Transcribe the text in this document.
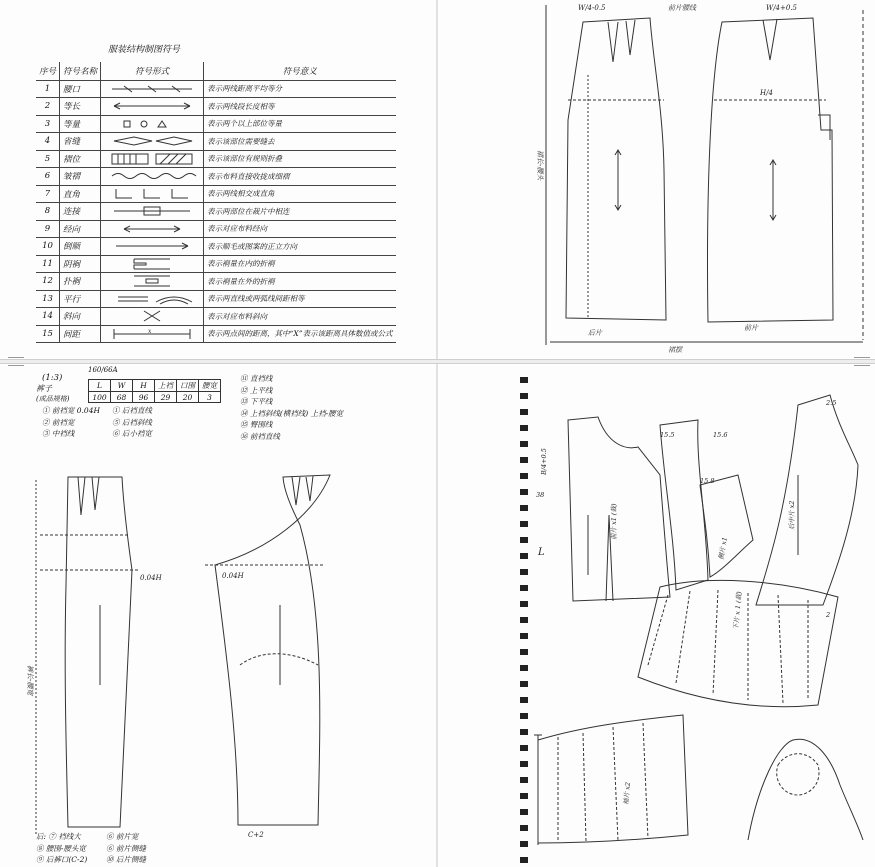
服装结构制图符号
序号	符号名称	符号形式	符号意义
1	腰口		表示两线距离平均等分
2	等长		表示两线段长度相等
3	等量		表示两个以上部位等量
4	省缝		表示该部位需要缝去
5	褶位		表示该部位有规则折叠
6	皱褶		表示布料直接收拢成细褶
7	直角		表示两线相交成直角
8	连接		表示两部位在裁片中相连
9	经向		表示对应布料经向
10	倒顺		表示顺毛或图案的正立方向
11	阴裥		表示裥量在内的折裥
12	扑裥		表示裥量在外的折裥
13	平行		表示两直线或两弧线间距相等
14	斜向		表示对应布料斜向
15	间距	x	表示两点间的距离，其中“X”表示该距离具体数值或公式
W/4-0.5	前片腰线	W/4+0.5
裙长-腰头
后片
前片
H/4
裙摆
(1:3)
160/66A
裤子
(成品规格)
L	W	H	上裆	口围	腰宽
100	68	96	29	20	3
① 前裆宽 0.04H
② 前裆宽
③ 中裆线
① 后裆直线
⑤ 后裆斜线
⑥ 后小裆宽
⑪ 直裆线
⑫ 上平线
⑬ 下平线
⑭ 上裆斜线(横裆线) 上裆-腰宽
⑮ 臀围线
⑯ 前裆直线
裤长-腰宽
C+2
0.04H	0.04H
后: ⑦ 裆线大
⑧ 腰围-腰头宽
⑨ 后裤口(C-2)
⑥ 前片宽
⑥ 前片侧缝
⑩ 后片侧缝
前片 x1 (裁)	后中片 x2
侧片 x1
下片 x 1 (裁)
袖片 x2
15.5	15.6
15.8
2.5
L
B/4+0.5
38
2
